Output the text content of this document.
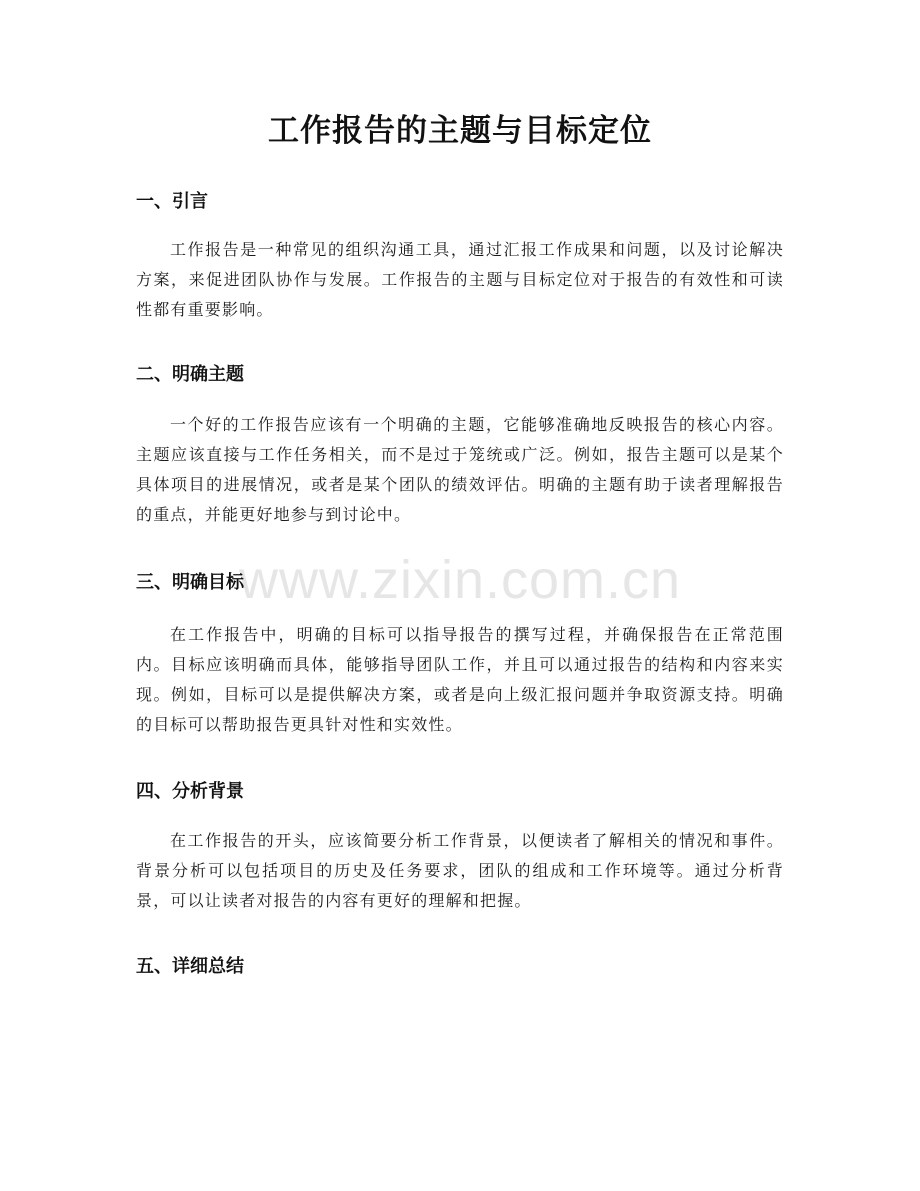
工作报告的主题与目标定位
一、引言

工作报告是一种常见的组织沟通工具，通过汇报工作成果和问题，以及讨论解决方案，来促进团队协作与发展。工作报告的主题与目标定位对于报告的有效性和可读性都有重要影响。

二、明确主题

一个好的工作报告应该有一个明确的主题，它能够准确地反映报告的核心内容。主题应该直接与工作任务相关，而不是过于笼统或广泛。例如，报告主题可以是某个具体项目的进展情况，或者是某个团队的绩效评估。明确的主题有助于读者理解报告的重点，并能更好地参与到讨论中。

www.zixin.com.cn
三、明确目标

在工作报告中，明确的目标可以指导报告的撰写过程，并确保报告在正常范围内。目标应该明确而具体，能够指导团队工作，并且可以通过报告的结构和内容来实现。例如，目标可以是提供解决方案，或者是向上级汇报问题并争取资源支持。明确的目标可以帮助报告更具针对性和实效性。

四、分析背景

在工作报告的开头，应该简要分析工作背景，以便读者了解相关的情况和事件。背景分析可以包括项目的历史及任务要求，团队的组成和工作环境等。通过分析背景，可以让读者对报告的内容有更好的理解和把握。

五、详细总结
